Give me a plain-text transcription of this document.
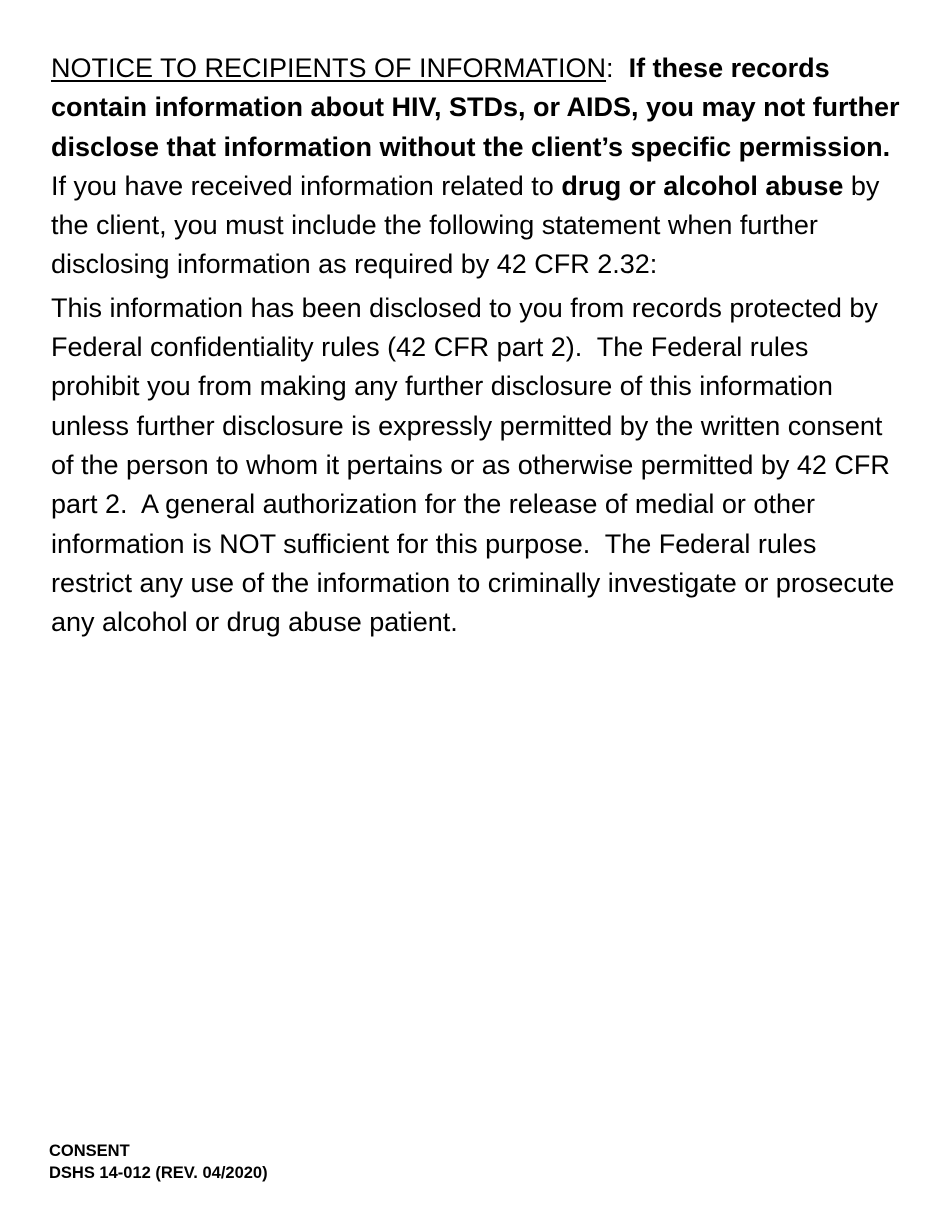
NOTICE TO RECIPIENTS OF INFORMATION: If these records contain information about HIV, STDs, or AIDS, you may not further disclose that information without the client’s specific permission.  If you have received information related to drug or alcohol abuse by the client, you must include the following statement when further disclosing information as required by 42 CFR 2.32:

This information has been disclosed to you from records protected by Federal confidentiality rules (42 CFR part 2).  The Federal rules prohibit you from making any further disclosure of this information unless further disclosure is expressly permitted by the written consent of the person to whom it pertains or as otherwise permitted by 42 CFR part 2.  A general authorization for the release of medial or other information is NOT sufficient for this purpose.  The Federal rules restrict any use of the information to criminally investigate or prosecute any alcohol or drug abuse patient.

CONSENT
DSHS 14-012 (REV. 04/2020)
